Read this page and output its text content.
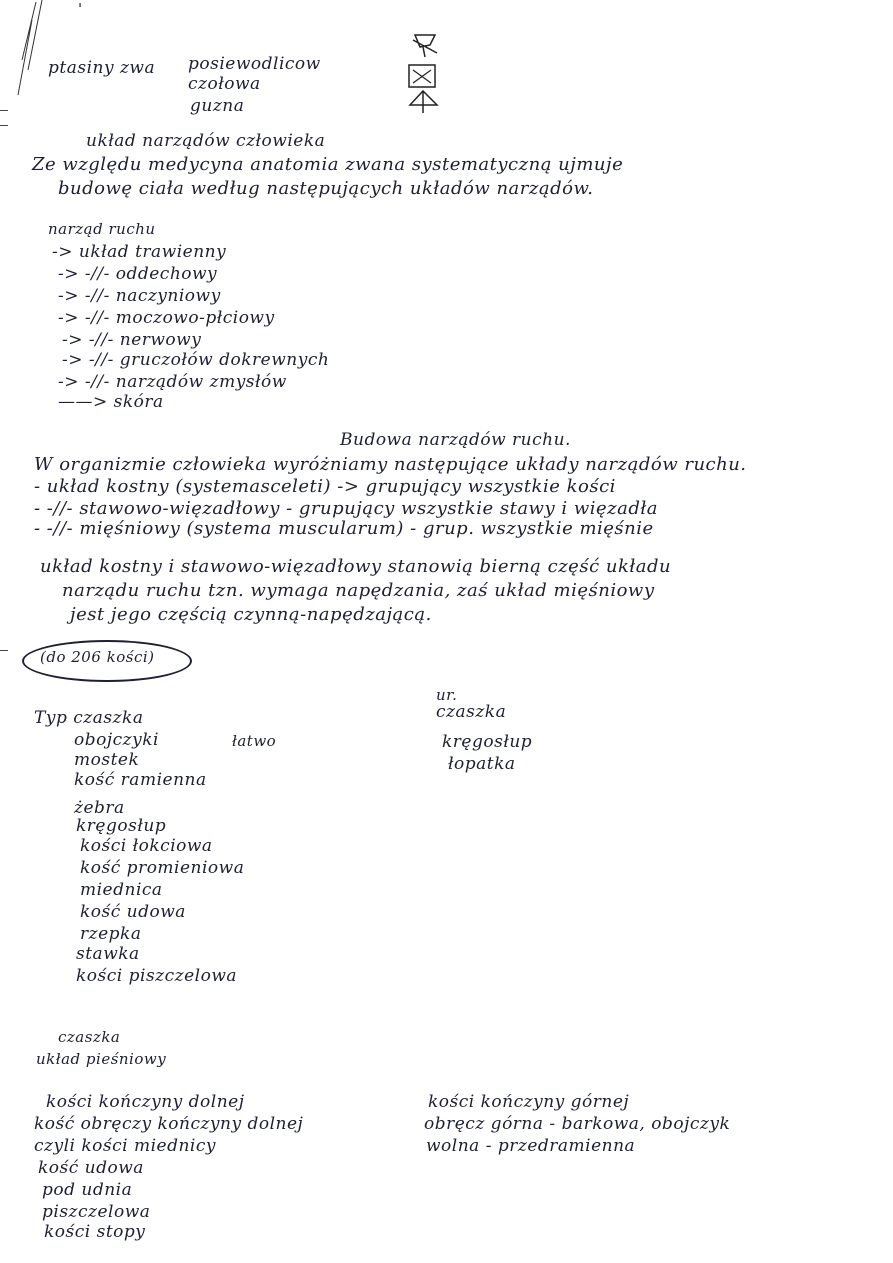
'
ptasiny zwa posiewodlicow
czołowa
guzna
układ narządów człowieka
Ze względu medycyna anatomia zwana systematyczną ujmuje
budowę ciała według następujących układów narządów.
narząd ruchu
-> układ trawienny
-> -//- oddechowy
-> -//- naczyniowy
-> -//- moczowo-płciowy
-> -//- nerwowy
-> -//- gruczołów dokrewnych
-> -//- narządów zmysłów
——> skóra
Budowa narządów ruchu.
W organizmie człowieka wyróżniamy następujące układy narządów ruchu.
- układ kostny (systemasceleti) -> grupujący wszystkie kości
- -//- stawowo-więzadłowy - grupujący wszystkie stawy i więzadła
- -//- mięśniowy (systema muscularum) - grup. wszystkie mięśnie
układ kostny i stawowo-więzadłowy stanowią bierną część układu
narządu ruchu tzn. wymaga napędzania, zaś układ mięśniowy
jest jego częścią czynną-napędzającą.
(do 206 kości)
Typ czaszka
obojczyki
mostek
kość ramienna
żebra
kręgosłup
kości łokciowa
kość promieniowa
miednica
kość udowa
rzepka
stawka
kości piszczelowa
łatwo
ur.
czaszka
kręgosłup
łopatka
czaszka
układ pieśniowy
kości kończyny dolnej
kość obręczy kończyny dolnej
czyli kości miednicy
kość udowa
pod udnia
piszczelowa
kości stopy
kości kończyny górnej
obręcz górna - barkowa, obojczyk
wolna - przedramienna
